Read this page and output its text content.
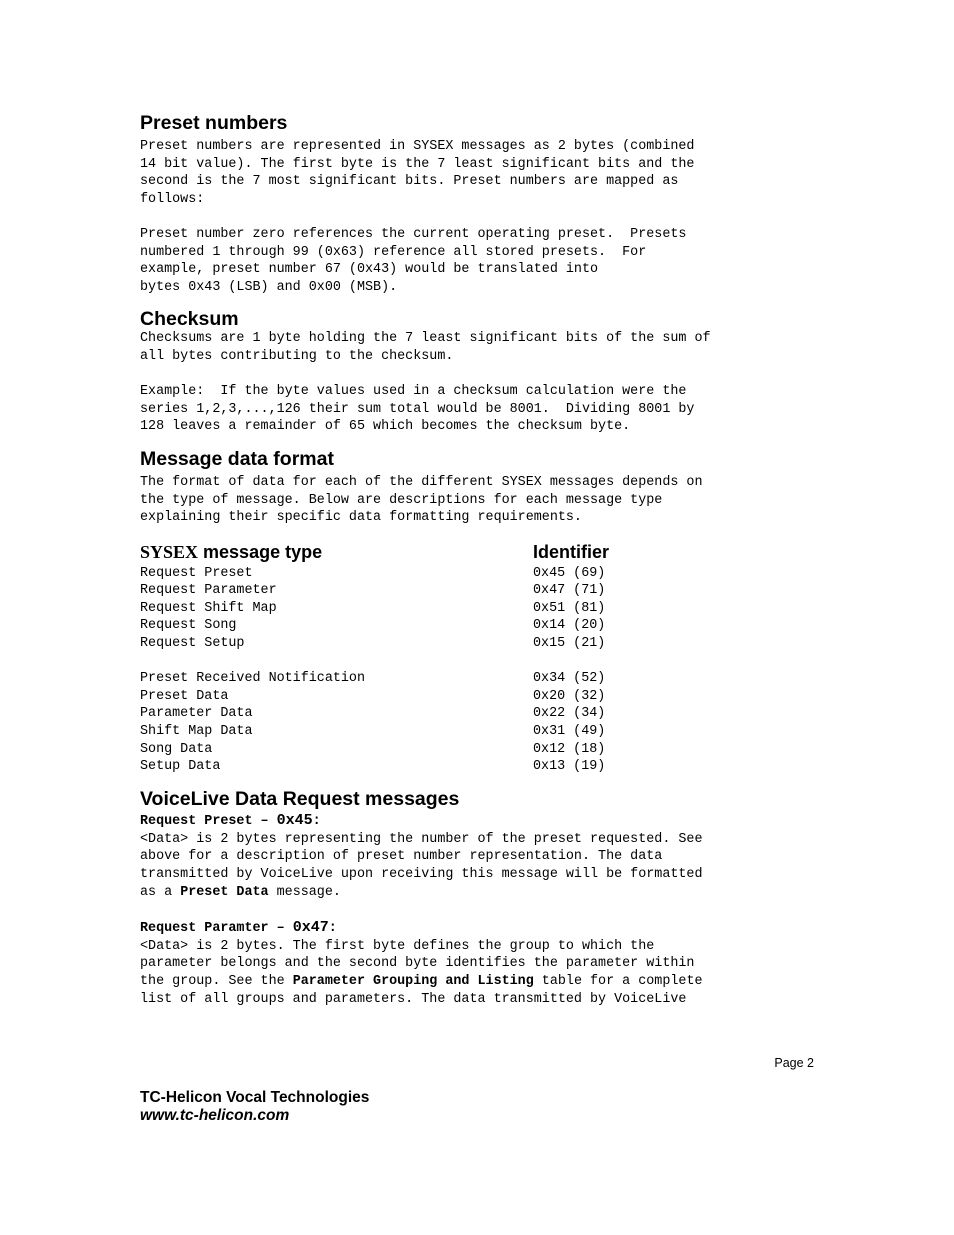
Preset numbers

Preset numbers are represented in SYSEX messages as 2 bytes (combined
14 bit value). The first byte is the 7 least significant bits and the
second is the 7 most significant bits. Preset numbers are mapped as
follows:

Preset number zero references the current operating preset.  Presets
numbered 1 through 99 (0x63) reference all stored presets.  For
example, preset number 67 (0x43) would be translated into
bytes 0x43 (LSB) and 0x00 (MSB).

Checksum

Checksums are 1 byte holding the 7 least significant bits of the sum of
all bytes contributing to the checksum.

Example:  If the byte values used in a checksum calculation were the
series 1,2,3,...,126 their sum total would be 8001.  Dividing 8001 by
128 leaves a remainder of 65 which becomes the checksum byte.

Message data format

The format of data for each of the different SYSEX messages depends on
the type of message. Below are descriptions for each message type
explaining their specific data formatting requirements.

SYSEX message type	Identifier
Request Preset	0x45 (69)
Request Parameter	0x47 (71)
Request Shift Map	0x51 (81)
Request Song	0x14 (20)
Request Setup	0x15 (21)
Preset Received Notification	0x34 (52)
Preset Data	0x20 (32)
Parameter Data	0x22 (34)
Shift Map Data	0x31 (49)
Song Data	0x12 (18)
Setup Data	0x13 (19)
VoiceLive Data Request messages
Request Preset – 0x45:

<Data> is 2 bytes representing the number of the preset requested. See
above for a description of preset number representation. The data
transmitted by VoiceLive upon receiving this message will be formatted
as a Preset Data message.

Request Paramter – 0x47:

<Data> is 2 bytes. The first byte defines the group to which the
parameter belongs and the second byte identifies the parameter within
the group. See the Parameter Grouping and Listing table for a complete
list of all groups and parameters. The data transmitted by VoiceLive

Page 2
TC-Helicon Vocal Technologies
www.tc-helicon.com
